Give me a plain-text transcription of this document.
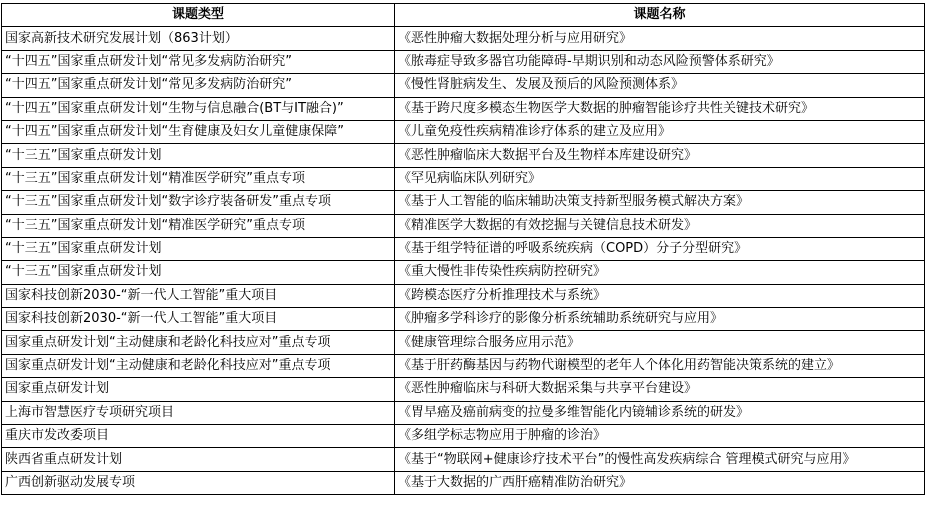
课题类型	课题名称
国家高新技术研究发展计划（863计划）	《恶性肿瘤大数据处理分析与应用研究》
“十四五”国家重点研发计划“常见多发病防治研究”	《脓毒症导致多器官功能障碍-早期识别和动态风险预警体系研究》
“十四五”国家重点研发计划“常见多发病防治研究”	《慢性肾脏病发生、发展及预后的风险预测体系》
“十四五”国家重点研发计划“生物与信息融合(BT与IT融合)”	《基于跨尺度多模态生物医学大数据的肿瘤智能诊疗共性关键技术研究》
“十四五”国家重点研发计划“生育健康及妇女儿童健康保障”	《儿童免疫性疾病精准诊疗体系的建立及应用》
“十三五”国家重点研发计划	《恶性肿瘤临床大数据平台及生物样本库建设研究》
“十三五”国家重点研发计划“精准医学研究”重点专项	《罕见病临床队列研究》
“十三五”国家重点研发计划“数字诊疗装备研发”重点专项	《基于人工智能的临床辅助决策支持新型服务模式解决方案》
“十三五”国家重点研发计划“精准医学研究”重点专项	《精准医学大数据的有效挖掘与关键信息技术研发》
“十三五”国家重点研发计划	《基于组学特征谱的呼吸系统疾病（COPD）分子分型研究》
“十三五”国家重点研发计划	《重大慢性非传染性疾病防控研究》
国家科技创新2030-“新一代人工智能”重大项目	《跨模态医疗分析推理技术与系统》
国家科技创新2030-“新一代人工智能”重大项目	《肿瘤多学科诊疗的影像分析系统辅助系统研究与应用》
国家重点研发计划“主动健康和老龄化科技应对”重点专项	《健康管理综合服务应用示范》
国家重点研发计划“主动健康和老龄化科技应对”重点专项	《基于肝药酶基因与药物代谢模型的老年人个体化用药智能决策系统的建立》
国家重点研发计划	《恶性肿瘤临床与科研大数据采集与共享平台建设》
上海市智慧医疗专项研究项目	《胃早癌及癌前病变的拉曼多维智能化内镜辅诊系统的研发》
重庆市发改委项目	《多组学标志物应用于肿瘤的诊治》
陕西省重点研发计划	《基于“物联网+健康诊疗技术平台”的慢性高发疾病综合 管理模式研究与应用》
广西创新驱动发展专项	《基于大数据的广西肝癌精准防治研究》
